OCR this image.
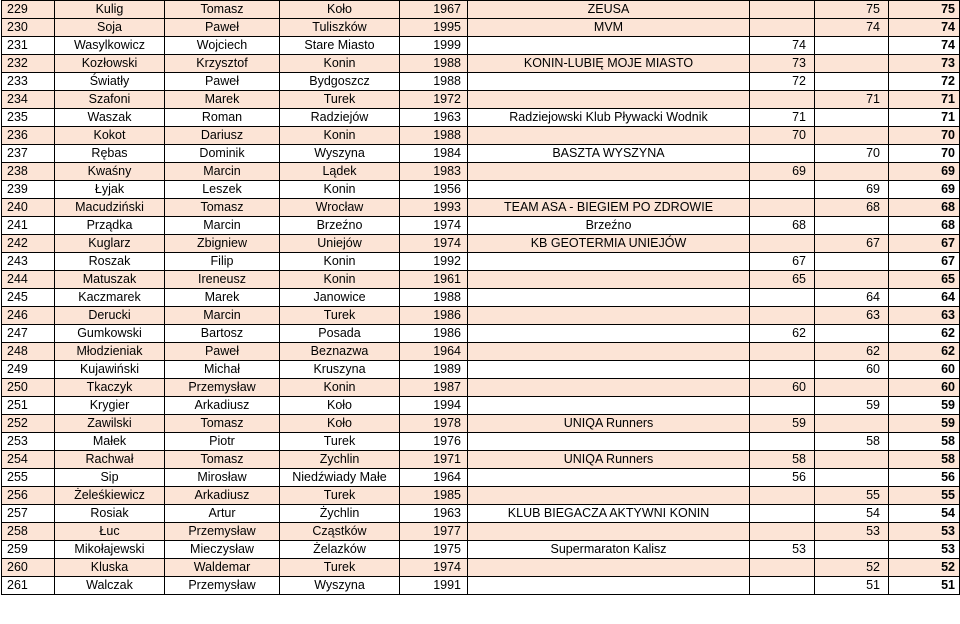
229	Kulig	Tomasz	Koło	1967	ZEUSA		75	75
230	Soja	Paweł	Tuliszków	1995	MVM		74	74
231	Wasylkowicz	Wojciech	Stare Miasto	1999		74		74
232	Kozłowski	Krzysztof	Konin	1988	KONIN-LUBIĘ MOJE MIASTO	73		73
233	Światły	Paweł	Bydgoszcz	1988		72		72
234	Szafoni	Marek	Turek	1972			71	71
235	Waszak	Roman	Radziejów	1963	Radziejowski Klub Pływacki Wodnik	71		71
236	Kokot	Dariusz	Konin	1988		70		70
237	Rębas	Dominik	Wyszyna	1984	BASZTA WYSZYNA		70	70
238	Kwaśny	Marcin	Lądek	1983		69		69
239	Łyjak	Leszek	Konin	1956			69	69
240	Macudziński	Tomasz	Wrocław	1993	TEAM ASA - BIEGIEM PO ZDROWIE		68	68
241	Prządka	Marcin	Brzeźno	1974	Brzeźno	68		68
242	Kuglarz	Zbigniew	Uniejów	1974	KB GEOTERMIA UNIEJÓW		67	67
243	Roszak	Filip	Konin	1992		67		67
244	Matuszak	Ireneusz	Konin	1961		65		65
245	Kaczmarek	Marek	Janowice	1988			64	64
246	Derucki	Marcin	Turek	1986			63	63
247	Gumkowski	Bartosz	Posada	1986		62		62
248	Młodzieniak	Paweł	Beznazwa	1964			62	62
249	Kujawiński	Michał	Kruszyna	1989			60	60
250	Tkaczyk	Przemysław	Konin	1987		60		60
251	Krygier	Arkadiusz	Koło	1994			59	59
252	Zawilski	Tomasz	Koło	1978	UNIQA Runners	59		59
253	Małek	Piotr	Turek	1976			58	58
254	Rachwał	Tomasz	Zychlin	1971	UNIQA Runners	58		58
255	Sip	Mirosław	Niedźwiady Małe	1964		56		56
256	Żeleśkiewicz	Arkadiusz	Turek	1985			55	55
257	Rosiak	Artur	Żychlin	1963	KLUB BIEGACZA AKTYWNI KONIN		54	54
258	Łuc	Przemysław	Cząstków	1977			53	53
259	Mikołajewski	Mieczysław	Żelazków	1975	Supermaraton Kalisz	53		53
260	Kluska	Waldemar	Turek	1974			52	52
261	Walczak	Przemysław	Wyszyna	1991			51	51
